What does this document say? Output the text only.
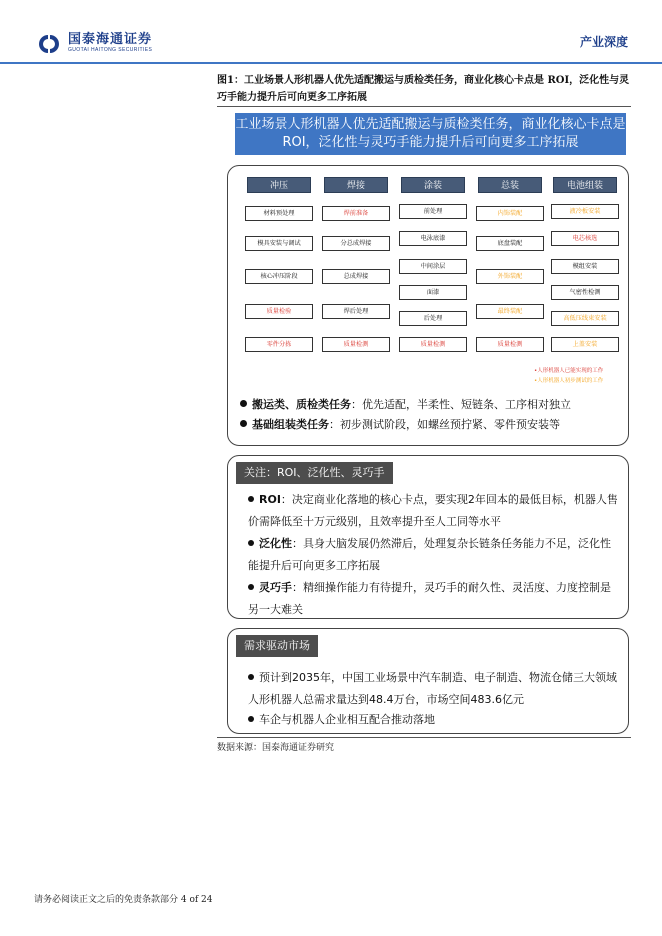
国泰海通证券
GUOTAI HAITONG SECURITIES
产业深度
图1：工业场景人形机器人优先适配搬运与质检类任务，商业化核心卡点是 ROI，泛化性与灵巧手能力提升后可向更多工序拓展
工业场景人形机器人优先适配搬运与质检类任务，商业化核心卡点是ROI，泛化性与灵巧手能力提升后可向更多工序拓展
冲压
材料预处理
模具安装与调试
核心冲压阶段
质量检验
零件分拣
焊接
焊前准备
分总成焊接
总成焊接
焊后处理
质量检测
涂装
前处理
电泳底漆
中间涂层
面漆
后处理
质量检测
总装
内饰装配
底盘装配
外饰装配
最终装配
质量检测
电池组装
液冷板安装
电芯核选
模组安装
气密性检测
高低压线束安装
上盖安装
•人形机器人已能实现的工作
•人形机器人初步测试的工作
搬运类、质检类任务：优先适配，半柔性、短链条、工序相对独立
基础组装类任务：初步测试阶段，如螺丝预拧紧、零件预安装等
关注：ROI、泛化性、灵巧手
ROI：决定商业化落地的核心卡点，要实现2年回本的最低目标，机器人售价需降低至十万元级别，且效率提升至人工同等水平
泛化性：具身大脑发展仍然滞后，处理复杂长链条任务能力不足，泛化性能提升后可向更多工序拓展
灵巧手：精细操作能力有待提升，灵巧手的耐久性、灵活度、力度控制是另一大难关
需求驱动市场
预计到2035年，中国工业场景中汽车制造、电子制造、物流仓储三大领域人形机器人总需求量达到48.4万台，市场空间483.6亿元
车企与机器人企业相互配合推动落地
数据来源：国泰海通证券研究
请务必阅读正文之后的免责条款部分 4 of 24
